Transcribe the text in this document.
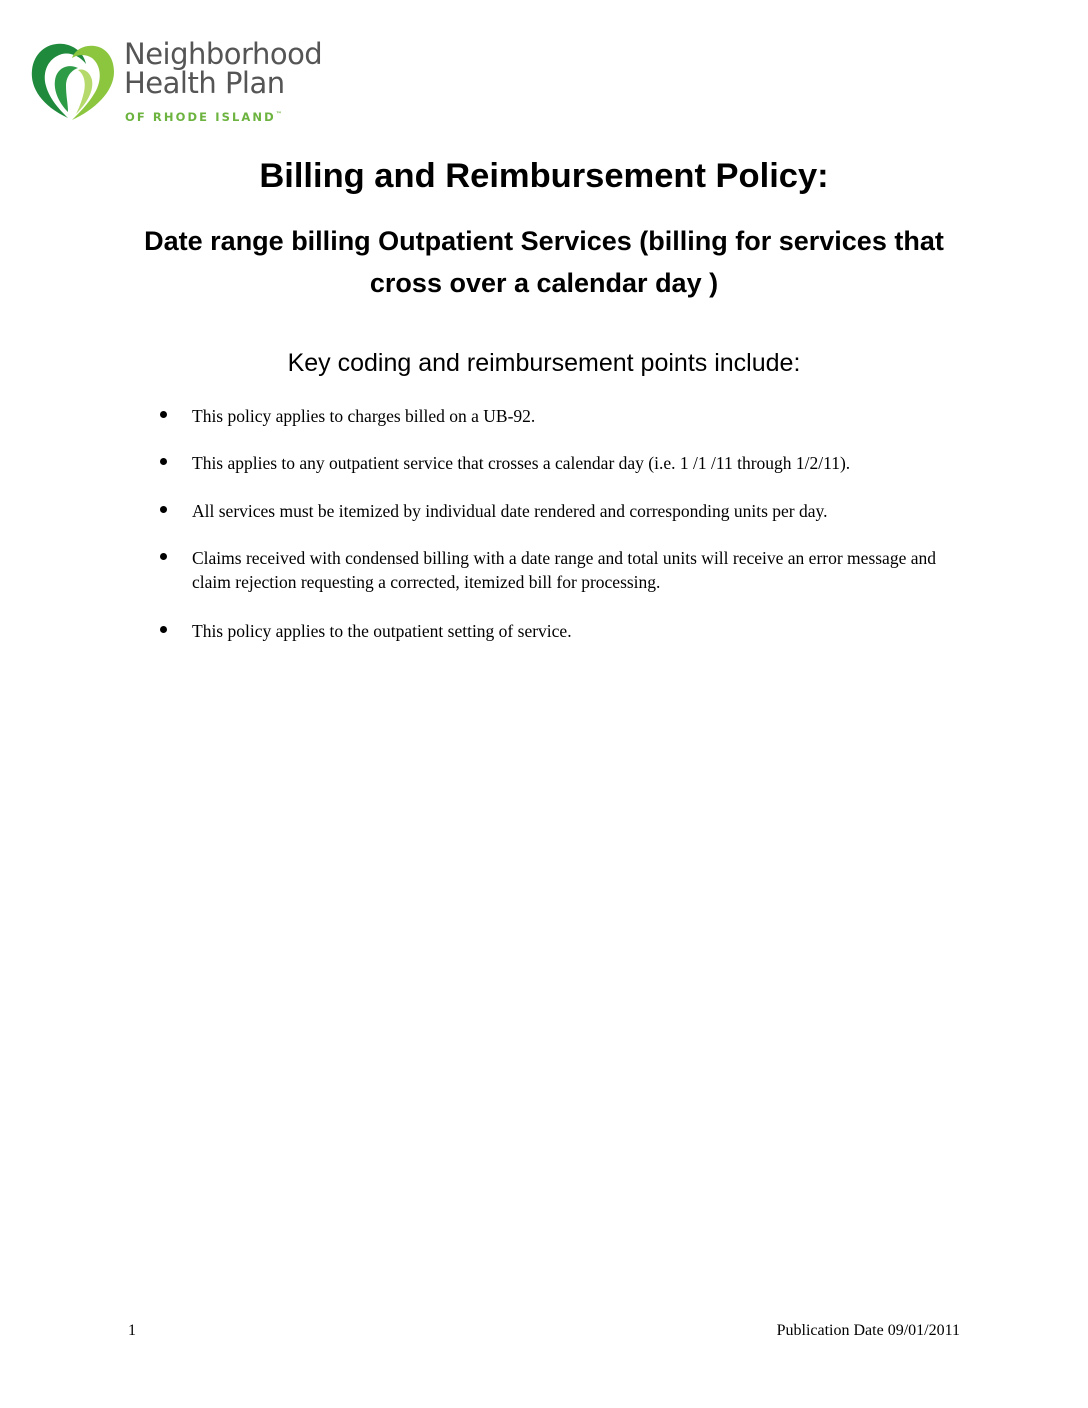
Neighborhood
Health Plan
OF RHODE ISLAND™
Billing and Reimbursement Policy:
Date range billing Outpatient Services (billing for services that cross over a calendar day )
Key coding and reimbursement points include:
This policy applies to charges billed on a UB-92.
This applies to any outpatient service that crosses a calendar day (i.e. 1 /1 /11 through 1/2/11).
All services must be itemized by individual date rendered and corresponding units per day.
Claims received with condensed billing with a date range and total units will receive an error message and claim rejection requesting a corrected, itemized bill for processing.
This policy applies to the outpatient setting of service.
1	Publication Date 09/01/2011
